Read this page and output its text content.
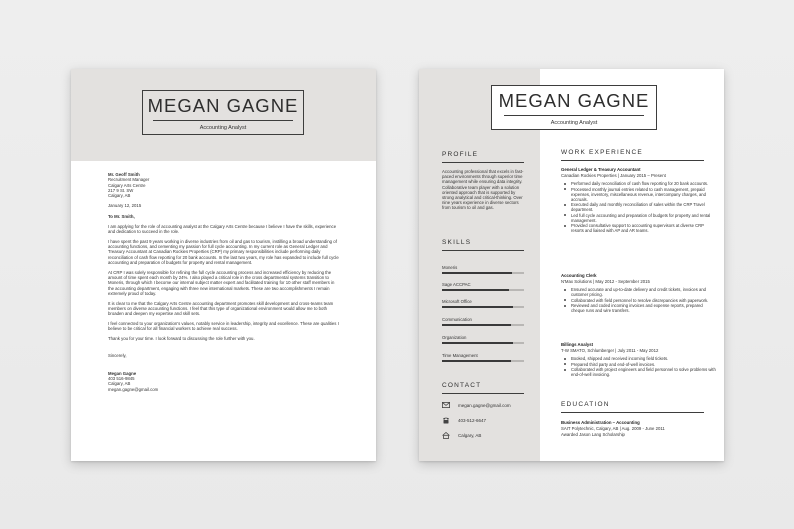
MEGAN GAGNE
Accounting Analyst
Mr. Geoff Smith
Recruitment Manager
Calgary Arts Centre
217 9 St. SW
Calgary, AB
January 12, 2015
To Mr. Smith,

I am applying for the role of accounting analyst at the Calgary Arts Centre because I believe I have the skills, experience and dedication to succeed in the role.

I have spent the past 9 years working in diverse industries from oil and gas to tourism, instilling a broad understanding of accounting functions, and cementing my passion for full cycle accounting. In my current role as General Ledger and Treasury Accountant at Canadian Rockies Properties (CRP) my primary responsibilities include performing daily reconciliation of cash flow reporting for 20 bank accounts. In the last two years, my role has expanded to include full cycle accounting and preparation of budgets for property and rental management.

At CRP I was solely responsible for refining the full cycle accounting process and increased efficiency by reducing the amount of time spent each month by 24%. I also played a critical role in the cross departmental systems transition to Moneris, through which I become our internal subject matter expert and facilitated training for 10 other staff members in the accounting department, engaging with three new international markets. These are two accomplishments I remain extremely proud of today.

It is clear to me that the Calgary Arts Centre accounting department promotes skill development and cross-teams team members on diverse accounting functions. I feel that this type of organizational environment would allow me to both broaden and deepen my expertise and skill sets.

I feel connected to your organization's values, notably service in leadership, integrity and excellence. These are qualities I believe to be critical for all financial workers to achieve real success.

Thank you for your time. I look forward to discussing the role further with you.

Sincerely,
Megan Gagne
403 516-9845
Calgary, AB
megan.gagne@gmail.com
MEGAN GAGNE
Accounting Analyst
PROFILE
Accounting professional that excels in fast-paced environments through superior time management while ensuring data integrity. Collaborative team player with a solution oriented approach that is supported by strong analytical and critical-thinking. Over nine years experience in diverse sectors from tourism to oil and gas.
SKILLS
Moneris
Sage ACCPAC
Microsoft Office
Communication
Organization
Time Management
CONTACT
megan.gagne@gmail.com
403-512-6647
Calgary, AB
WORK EXPERIENCE
General Ledger & Treasury Accountant
Canadian Rockies Properties | January 2015 – Present
Performed daily reconciliation of cash flow reporting for 20 bank accounts.
Processed monthly journal entries related to cash management, prepaid expenses, inventory, miscellaneous revenue, intercompany charges, and accruals.
Executed daily and monthly reconciliation of sales within the CRP Travel department.
Led full cycle accounting and preparation of budgets for property and rental management.
Provided consultative support to accounting supervisors at diverse CRP resorts and liaised with AP and AR teams.
Accounting Clerk
N'Max Solutions | May 2012 - September 2015
Ensured accurate and up-to-date delivery and credit tickets, invoices and customer pricing.
Collaborated with field personnel to resolve discrepancies with paperwork.
Reviewed and coded incoming invoices and expense reports, prepared cheque runs and wire transfers.
Billings Analyst
T-W SMATO, Schlumberger | July 2011 - May 2012
Booked, shipped and received incoming field tickets.
Prepared third party and end-of-well invoices.
Collaborated with project engineers and field personnel to solve problems with end-of-well invoicing.
EDUCATION
Business Administration – Accounting
SAIT Polytechnic, Calgary, AB | Aug. 2009 - June 2011
Awarded Jason Lang Scholarship
